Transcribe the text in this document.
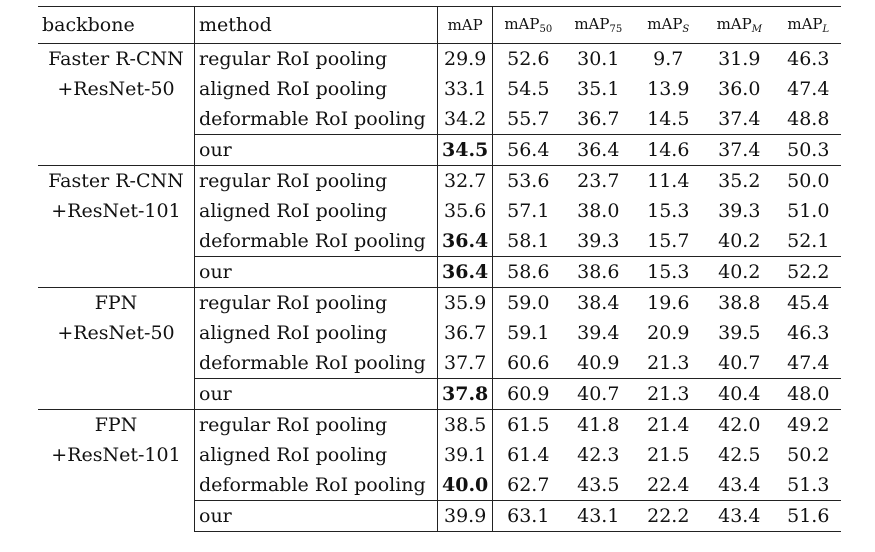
backbone	method	mAP	mAP$_{50}$	mAP$_{75}$	mAP$_S$	mAP$_M$	mAP$_L$

Faster R-CNN
+ResNet-50	regular RoI pooling	29.9	52.6	30.1	9.7	31.9	46.3
	aligned RoI pooling	33.1	54.5	35.1	13.9	36.0	47.4
	deformable RoI pooling	34.2	55.7	36.7	14.5	37.4	48.8
	our	34.5	56.4	36.4	14.6	37.4	50.3

Faster R-CNN
+ResNet-101	regular RoI pooling	32.7	53.6	23.7	11.4	35.2	50.0
	aligned RoI pooling	35.6	57.1	38.0	15.3	39.3	51.0
	deformable RoI pooling	36.4	58.1	39.3	15.7	40.2	52.1
	our	36.4	58.6	38.6	15.3	40.2	52.2

FPN
+ResNet-50	regular RoI pooling	35.9	59.0	38.4	19.6	38.8	45.4
	aligned RoI pooling	36.7	59.1	39.4	20.9	39.5	46.3
	deformable RoI pooling	37.7	60.6	40.9	21.3	40.7	47.4
	our	37.8	60.9	40.7	21.3	40.4	48.0

FPN
+ResNet-101	regular RoI pooling	38.5	61.5	41.8	21.4	42.0	49.2
	aligned RoI pooling	39.1	61.4	42.3	21.5	42.5	50.2
	deformable RoI pooling	40.0	62.7	43.5	22.4	43.4	51.3
	our	39.9	63.1	43.1	22.2	43.4	51.6
